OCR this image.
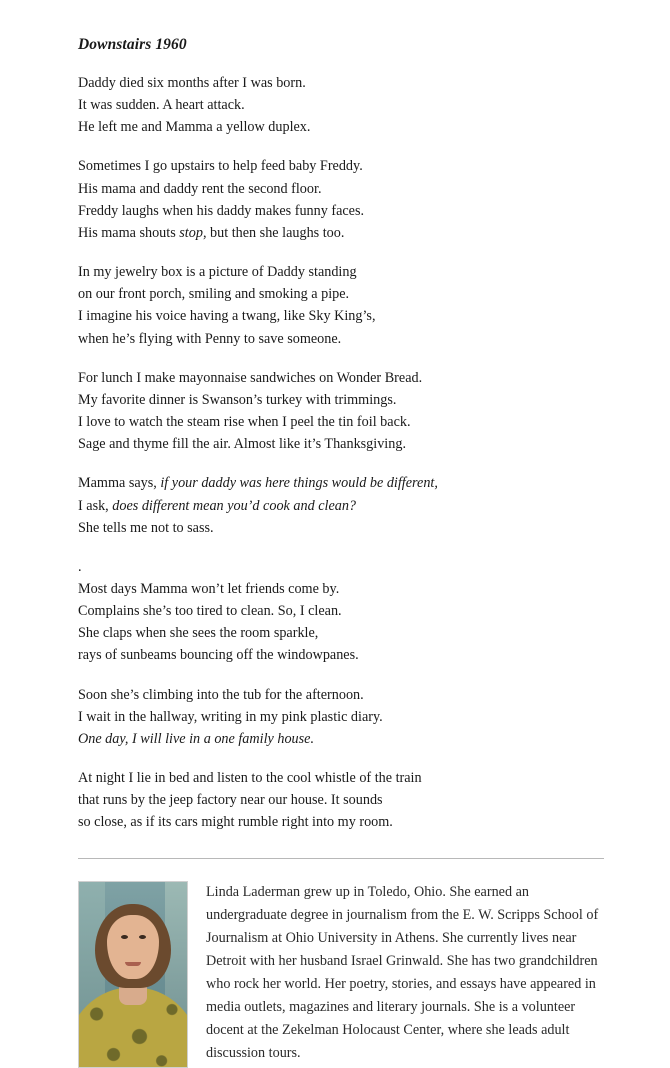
Downstairs 1960

Daddy died six months after I was born.
It was sudden. A heart attack.
He left me and Mamma a yellow duplex.

Sometimes I go upstairs to help feed baby Freddy.
His mama and daddy rent the second floor.
Freddy laughs when his daddy makes funny faces.
His mama shouts stop, but then she laughs too.

In my jewelry box is a picture of Daddy standing
on our front porch, smiling and smoking a pipe.
I imagine his voice having a twang, like Sky King’s,
when he’s flying with Penny to save someone.

For lunch I make mayonnaise sandwiches on Wonder Bread.
My favorite dinner is Swanson’s turkey with trimmings.
I love to watch the steam rise when I peel the tin foil back.
Sage and thyme fill the air. Almost like it’s Thanksgiving.

Mamma says, if your daddy was here things would be different,
I ask, does different mean you’d cook and clean?
She tells me not to sass.

.
Most days Mamma won’t let friends come by.
Complains she’s too tired to clean. So, I clean.
She claps when she sees the room sparkle,
rays of sunbeams bouncing off the windowpanes.

Soon she’s climbing into the tub for the afternoon.
I wait in the hallway, writing in my pink plastic diary.
One day, I will live in a one family house.

At night I lie in bed and listen to the cool whistle of the train
that runs by the jeep factory near our house. It sounds
so close, as if its cars might rumble right into my room.

Linda Laderman grew up in Toledo, Ohio. She earned an undergraduate degree in journalism from the E. W. Scripps School of Journalism at Ohio University in Athens. She currently lives near Detroit with her husband Israel Grinwald. She has two grandchildren who rock her world. Her poetry, stories, and essays have appeared in media outlets, magazines and literary journals. She is a volunteer docent at the Zekelman Holocaust Center, where she leads adult discussion tours.
